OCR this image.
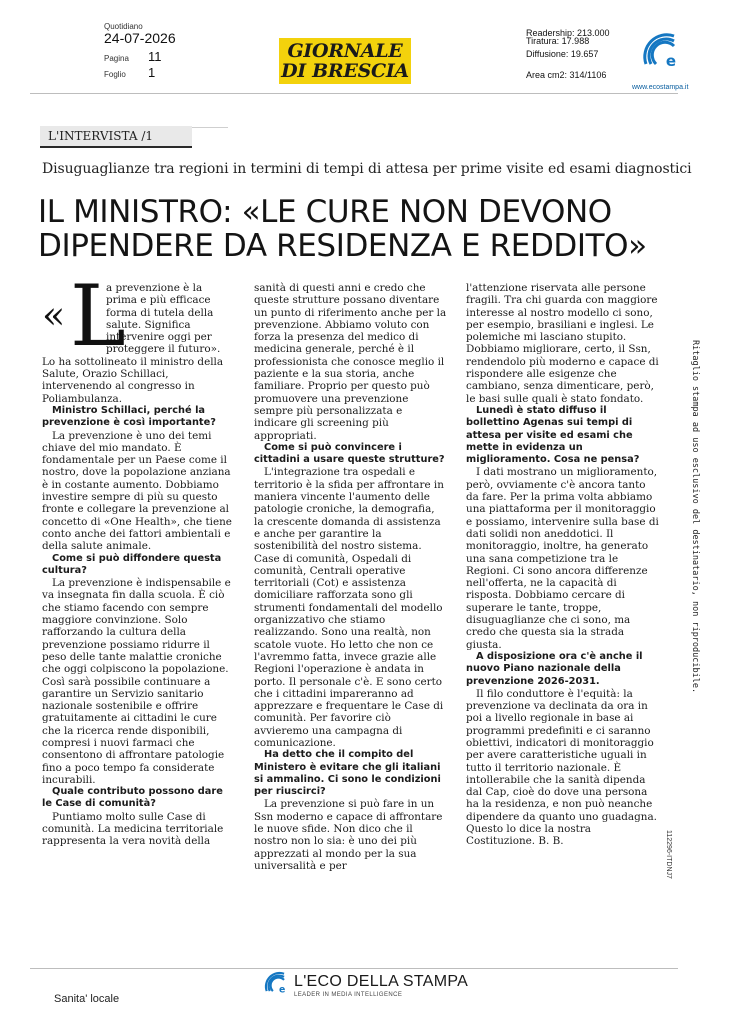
Quotidiano
24-07-2026
Pagina 11
Foglio 1
GIORNALE
DI BRESCIA
Readership: 213.000
Tiratura: 17.988
Diffusione: 19.657
Area cm2: 314/1106
e
www.ecostampa.it
L'INTERVISTA /1
Disuguaglianze tra regioni in termini di tempi di attesa per prime visite ed esami diagnostici
IL MINISTRO: «LE CURE NON DEVONO
DIPENDERE DA RESIDENZA E REDDITO»
« L

a prevenzione è la prima e più efficace forma di tutela della salute. Significa intervenire oggi per proteggere il futuro». Lo ha sottolineato il ministro della Salute, Orazio Schillaci, intervenendo al congresso in Poliambulanza.

Ministro Schillaci, perché la prevenzione è così importante?

La prevenzione è uno dei temi chiave del mio mandato. È fondamentale per un Paese come il nostro, dove la popolazione anziana è in costante aumento. Dobbiamo investire sempre di più su questo fronte e collegare la prevenzione al concetto di «One Health», che tiene conto anche dei fattori ambientali e della salute animale.

Come si può diffondere questa cultura?

La prevenzione è indispensabile e va insegnata fin dalla scuola. È ciò che stiamo facendo con sempre maggiore convinzione. Solo rafforzando la cultura della prevenzione possiamo ridurre il peso delle tante malattie croniche che oggi colpiscono la popolazione. Così sarà possibile continuare a garantire un Servizio sanitario nazionale sostenibile e offrire gratuitamente ai cittadini le cure che la ricerca rende disponibili, compresi i nuovi farmaci che consentono di affrontare patologie fino a poco tempo fa considerate incurabili.

Quale contributo possono dare le Case di comunità?

Puntiamo molto sulle Case di comunità. La medicina territoriale rappresenta la vera novità della

sanità di questi anni e credo che queste strutture possano diventare un punto di riferimento anche per la prevenzione. Abbiamo voluto con forza la presenza del medico di medicina generale, perché è il professionista che conosce meglio il paziente e la sua storia, anche familiare. Proprio per questo può promuovere una prevenzione sempre più personalizzata e indicare gli screening più appropriati.

Come si può convincere i cittadini a usare queste strutture?

L'integrazione tra ospedali e territorio è la sfida per affrontare in maniera vincente l'aumento delle patologie croniche, la demografia, la crescente domanda di assistenza e anche per garantire la sostenibilità del nostro sistema. Case di comunità, Ospedali di comunità, Centrali operative territoriali (Cot) e assistenza domiciliare rafforzata sono gli strumenti fondamentali del modello organizzativo che stiamo realizzando. Sono una realtà, non scatole vuote. Ho letto che non ce l'avremmo fatta, invece grazie alle Regioni l'operazione è andata in porto. Il personale c'è. E sono certo che i cittadini impareranno ad apprezzare e frequentare le Case di comunità. Per favorire ciò avvieremo una campagna di comunicazione.

Ha detto che il compito del Ministero è evitare che gli italiani si ammalino. Ci sono le condizioni per riuscirci?

La prevenzione si può fare in un Ssn moderno e capace di affrontare le nuove sfide. Non dico che il nostro non lo sia: è uno dei più apprezzati al mondo per la sua universalità e per

l'attenzione riservata alle persone fragili. Tra chi guarda con maggiore interesse al nostro modello ci sono, per esempio, brasiliani e inglesi. Le polemiche mi lasciano stupito. Dobbiamo migliorare, certo, il Ssn, rendendolo più moderno e capace di rispondere alle esigenze che cambiano, senza dimenticare, però, le basi sulle quali è stato fondato.

Lunedì è stato diffuso il bollettino Agenas sui tempi di attesa per visite ed esami che mette in evidenza un miglioramento. Cosa ne pensa?

I dati mostrano un miglioramento, però, ovviamente c'è ancora tanto da fare. Per la prima volta abbiamo una piattaforma per il monitoraggio e possiamo, intervenire sulla base di dati solidi non aneddotici. Il monitoraggio, inoltre, ha generato una sana competizione tra le Regioni. Ci sono ancora differenze nell'offerta, ne la capacità di risposta. Dobbiamo cercare di superare le tante, troppe, disuguaglianze che ci sono, ma credo che questa sia la strada giusta.

A disposizione ora c'è anche il nuovo Piano nazionale della prevenzione 2026-2031.

Il filo conduttore è l'equità: la prevenzione va declinata da ora in poi a livello regionale in base ai programmi predefiniti e ci saranno obiettivi, indicatori di monitoraggio per avere caratteristiche uguali in tutto il territorio nazionale. È intollerabile che la sanità dipenda dal Cap, cioè do dove una persona ha la residenza, e non può neanche dipendere da quanto uno guadagna. Questo lo dice la nostra Costituzione. B. B.

Ritaglio stampa ad uso esclusivo del destinatario, non riproducibile.
112296-ITDNJ7
e L'ECO DELLA STAMPA
LEADER IN MEDIA INTELLIGENCE
Sanita' locale
